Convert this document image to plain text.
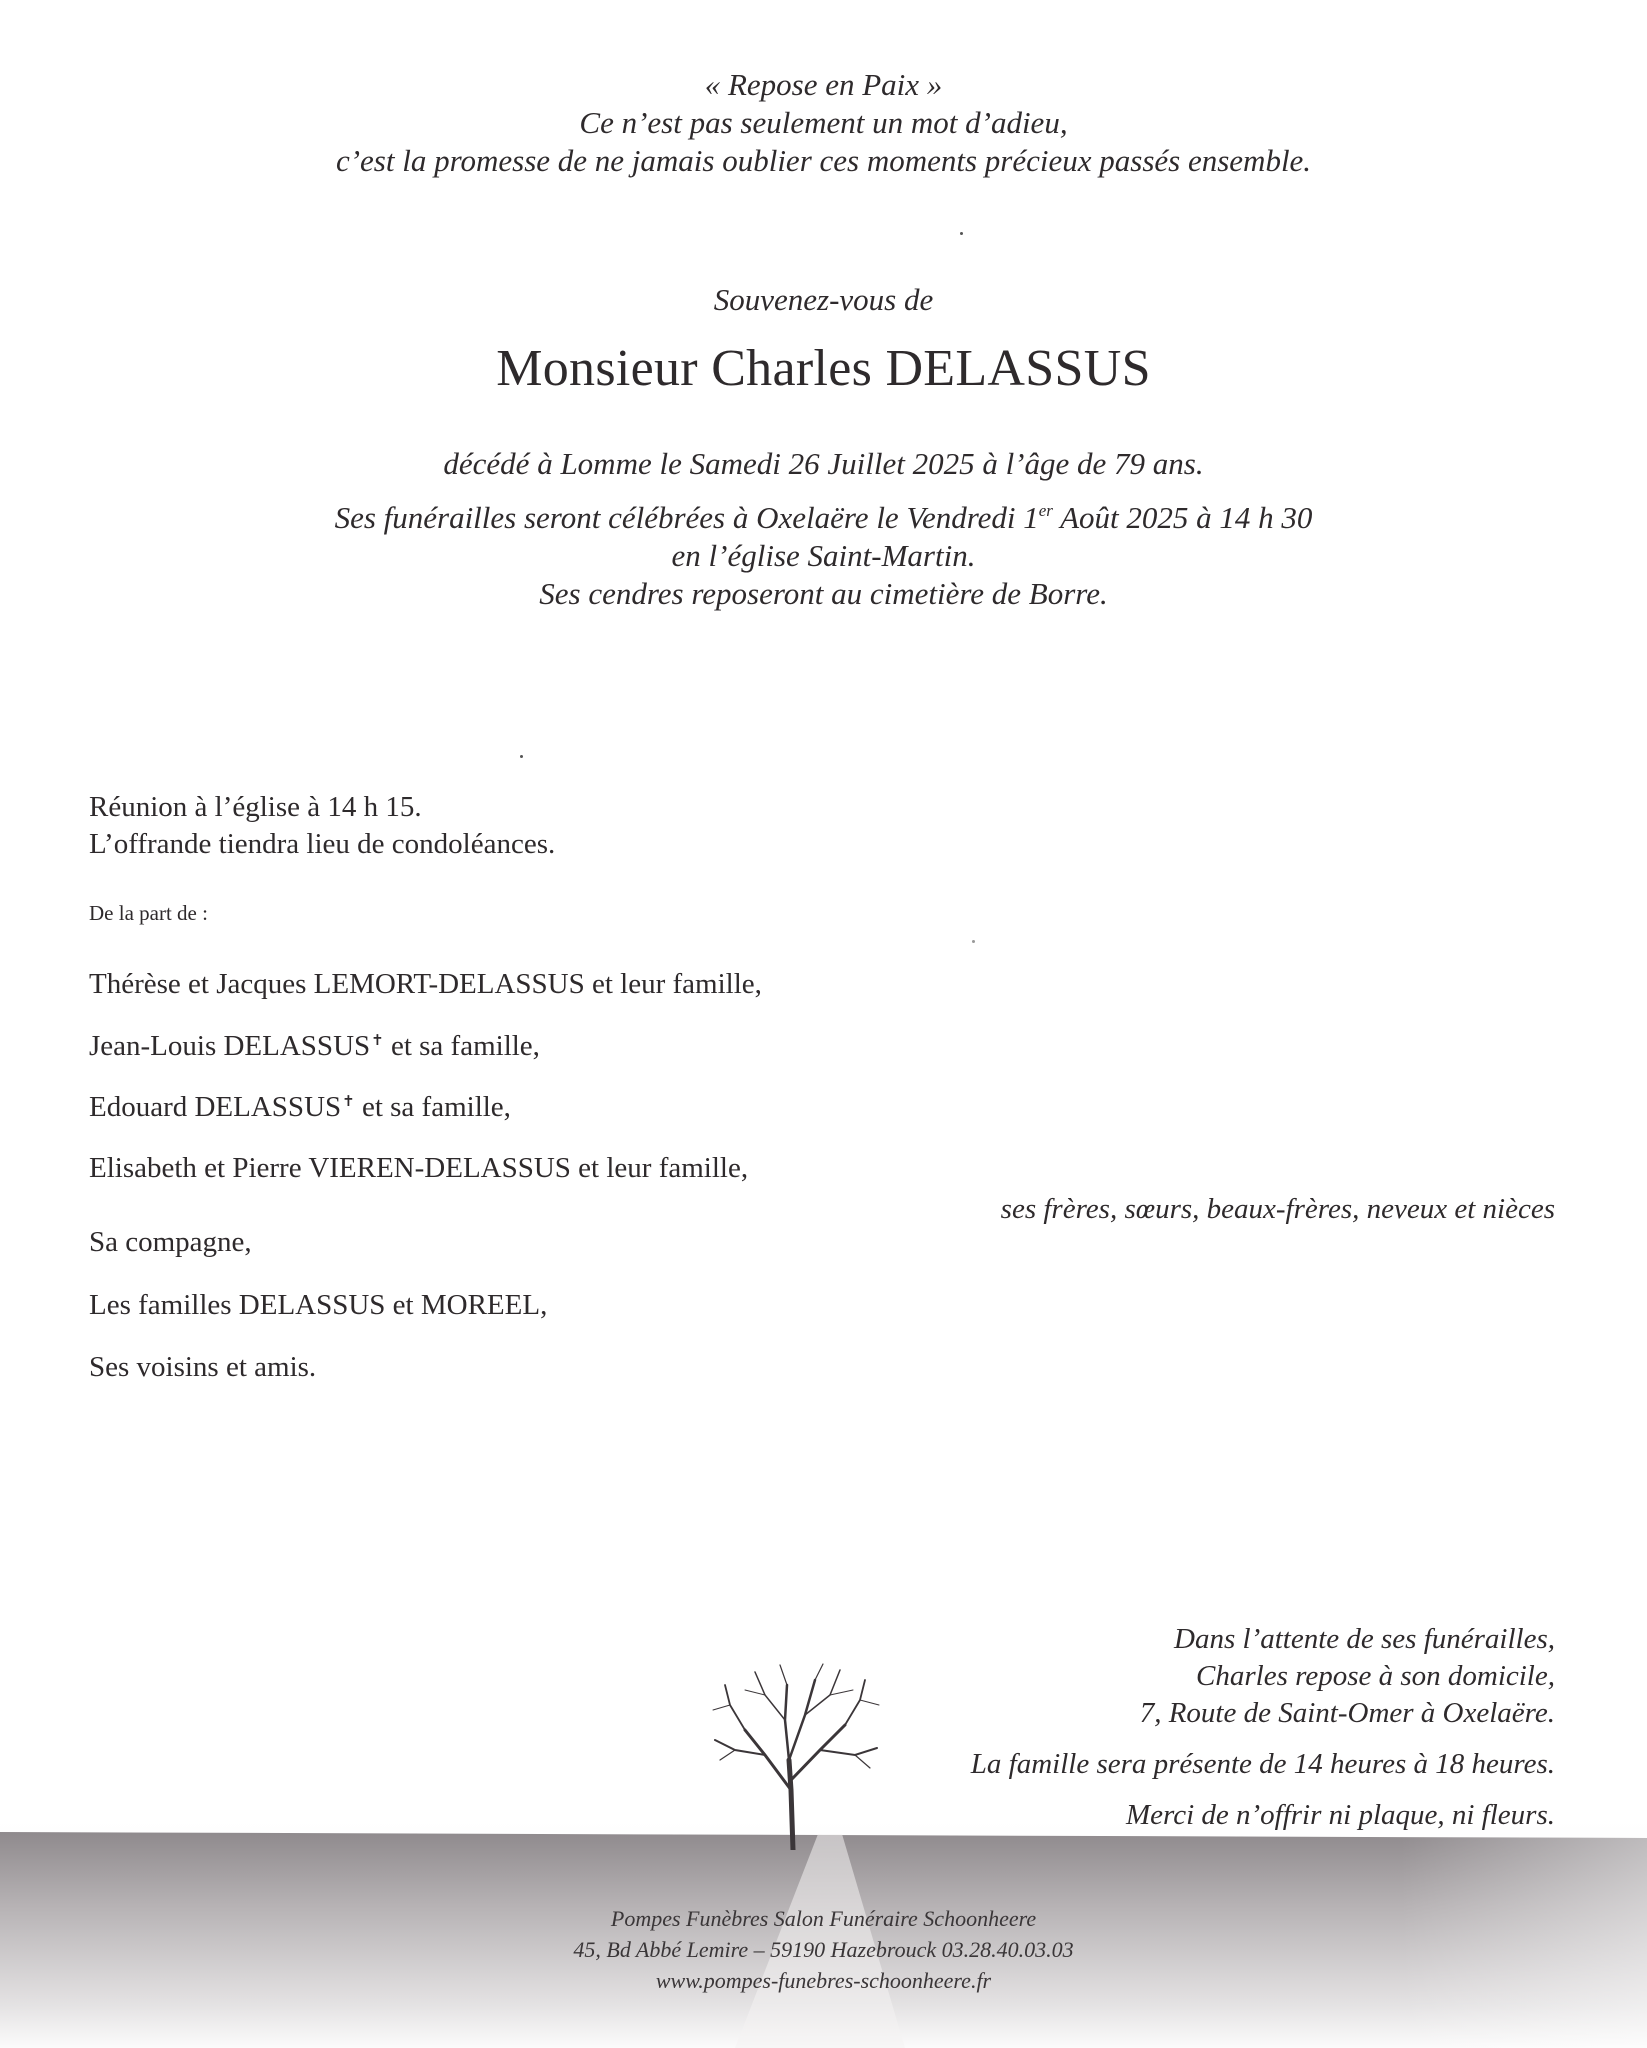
« Repose en Paix »
Ce n’est pas seulement un mot d’adieu,
c’est la promesse de ne jamais oublier ces moments précieux passés ensemble.
Souvenez-vous de
Monsieur Charles DELASSUS
décédé à Lomme le Samedi 26 Juillet 2025 à l’âge de 79 ans.
Ses funérailles seront célébrées à Oxelaëre le Vendredi 1er Août 2025 à 14 h 30
en l’église Saint-Martin.
Ses cendres reposeront au cimetière de Borre.
Réunion à l’église à 14 h 15.
L’offrande tiendra lieu de condoléances.
De la part de :
Thérèse et Jacques LEMORT-DELASSUS et leur famille,
Jean-Louis DELASSUS✝ et sa famille,
Edouard DELASSUS✝ et sa famille,
Elisabeth et Pierre VIEREN-DELASSUS et leur famille,
Sa compagne,
Les familles DELASSUS et MOREEL,
Ses voisins et amis.
ses frères, sœurs, beaux-frères, neveux et nièces
Dans l’attente de ses funérailles,
Charles repose à son domicile,
7, Route de Saint-Omer à Oxelaëre.
La famille sera présente de 14 heures à 18 heures.
Merci de n’offrir ni plaque, ni fleurs.
Pompes Funèbres Salon Funéraire Schoonheere
45, Bd Abbé Lemire – 59190 Hazebrouck 03.28.40.03.03
www.pompes-funebres-schoonheere.fr
